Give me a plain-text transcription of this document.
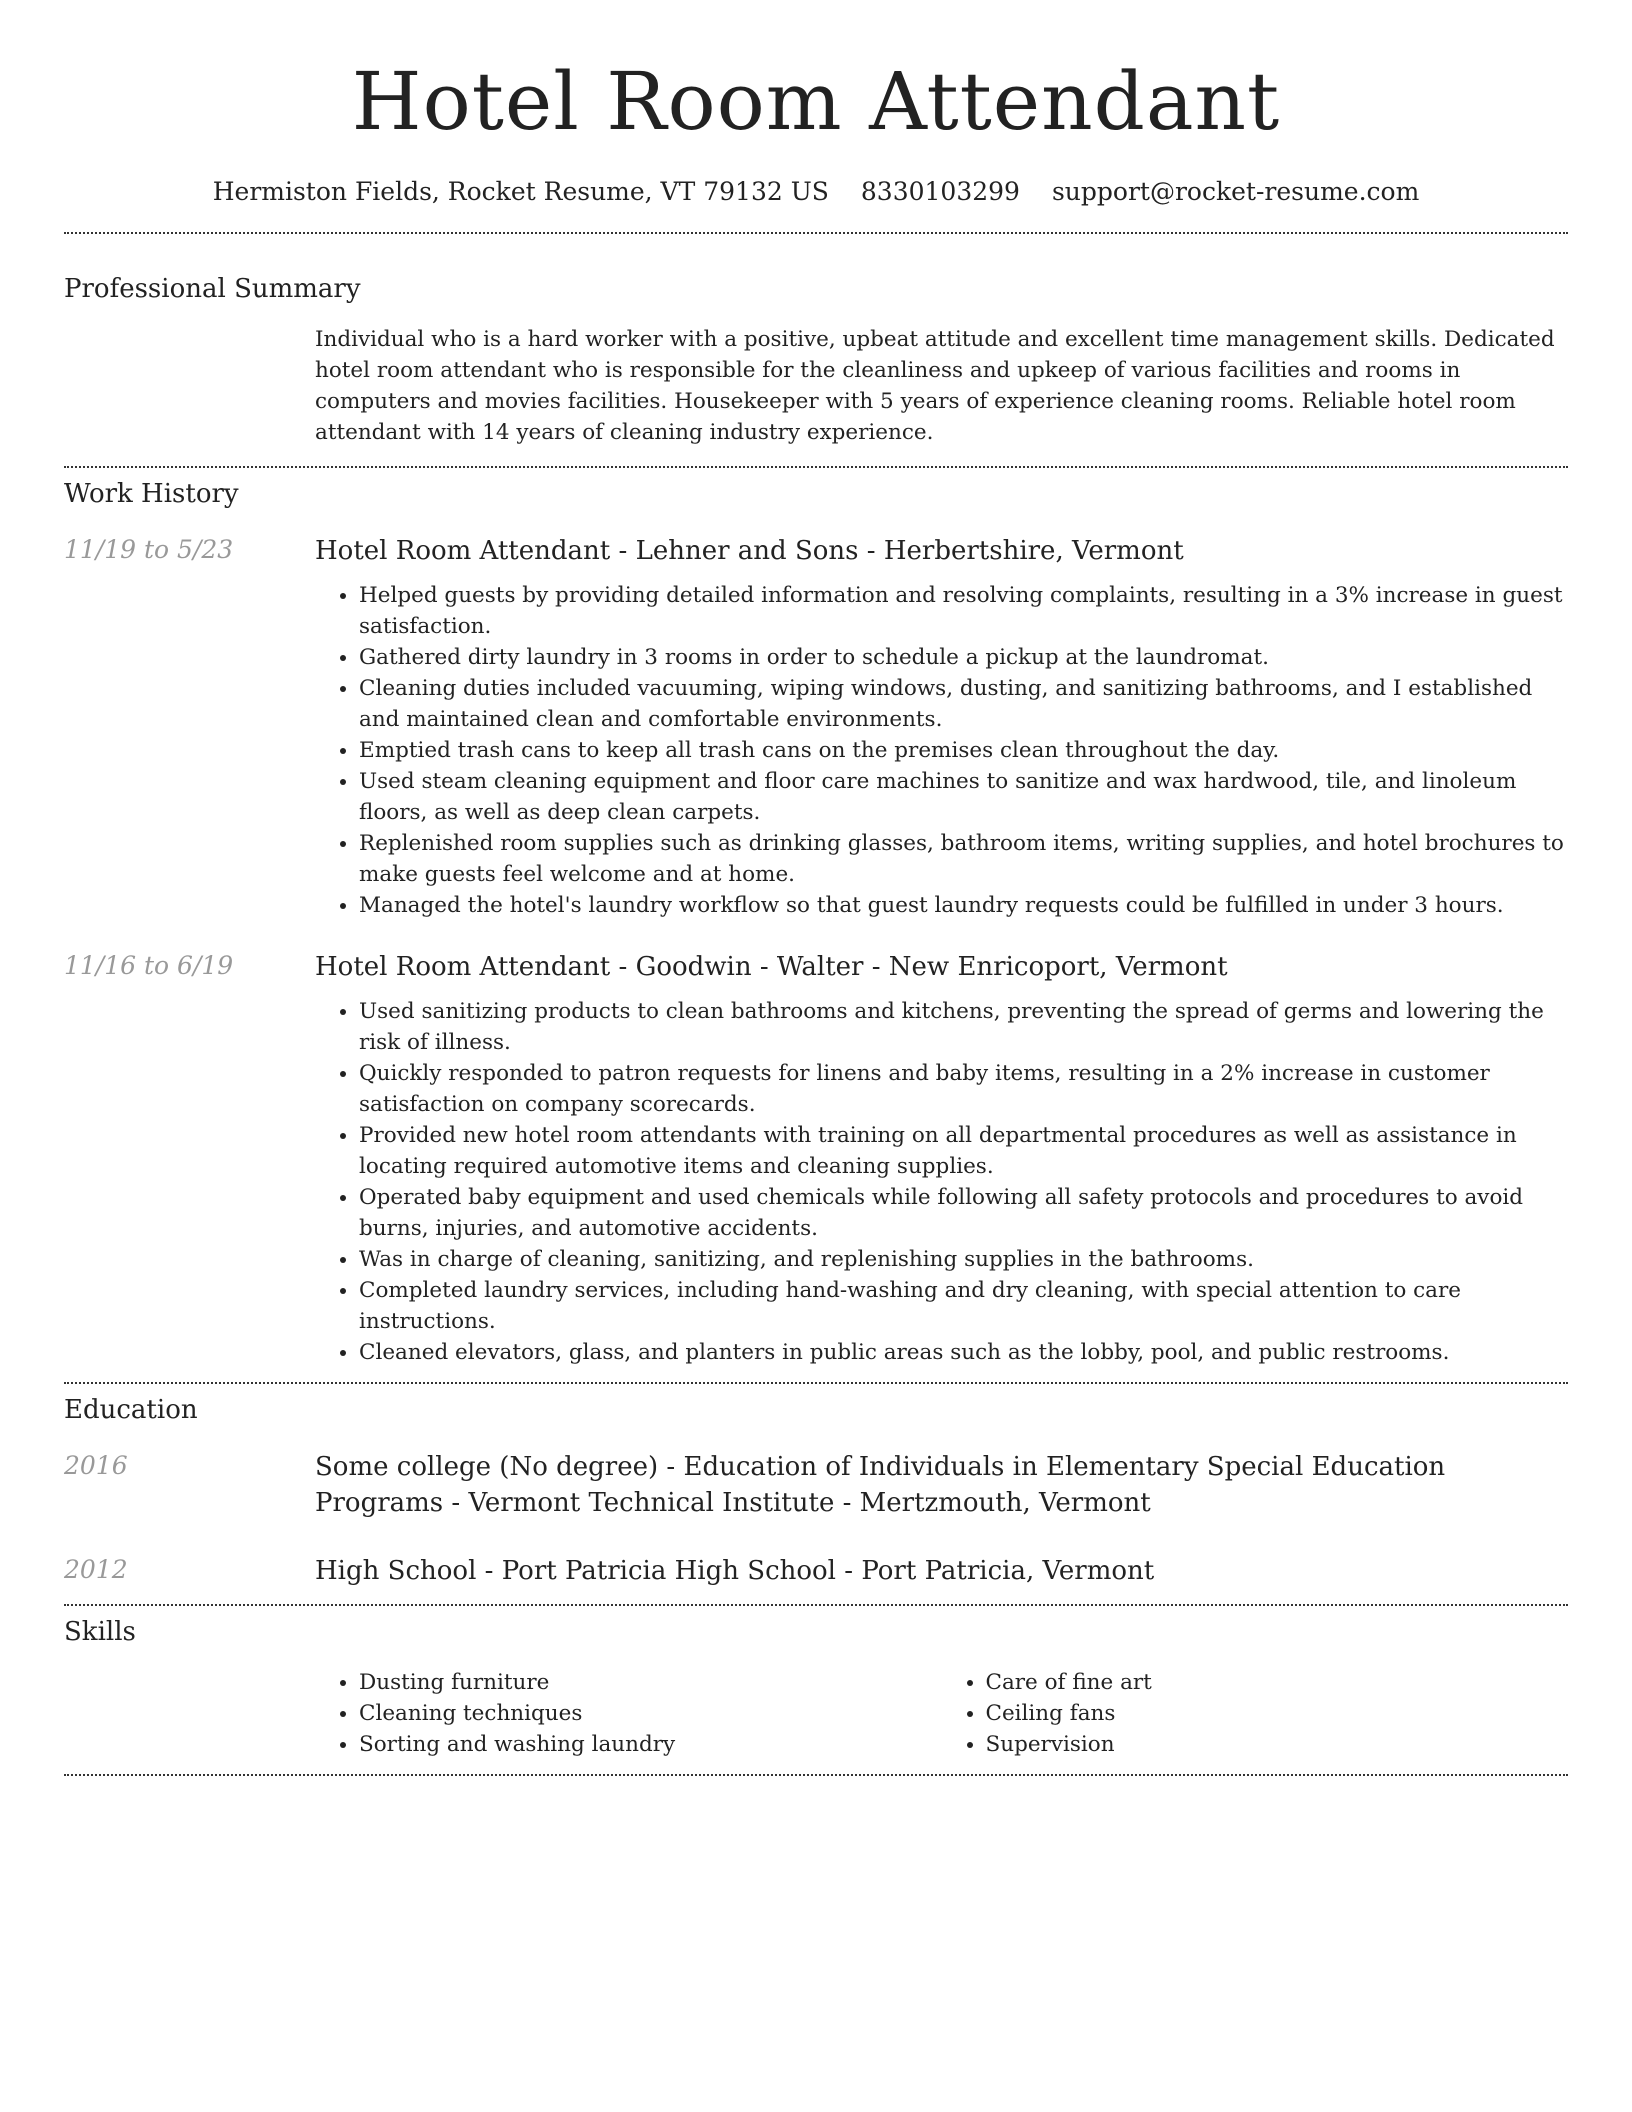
Hotel Room Attendant
Hermiston Fields, Rocket Resume, VT 79132 US 8330103299 support@rocket-resume.com
Professional Summary
Individual who is a hard worker with a positive, upbeat attitude and excellent time management skills. Dedicated hotel room attendant who is responsible for the cleanliness and upkeep of various facilities and rooms in computers and movies facilities. Housekeeper with 5 years of experience cleaning rooms. Reliable hotel room attendant with 14 years of cleaning industry experience.
Work History
11/19 to 5/23	Hotel Room Attendant - Lehner and Sons - Herbertshire, Vermont
• Helped guests by providing detailed information and resolving complaints, resulting in a 3% increase in guest satisfaction.
• Gathered dirty laundry in 3 rooms in order to schedule a pickup at the laundromat.
• Cleaning duties included vacuuming, wiping windows, dusting, and sanitizing bathrooms, and I established and maintained clean and comfortable environments.
• Emptied trash cans to keep all trash cans on the premises clean throughout the day.
• Used steam cleaning equipment and floor care machines to sanitize and wax hardwood, tile, and linoleum floors, as well as deep clean carpets.
• Replenished room supplies such as drinking glasses, bathroom items, writing supplies, and hotel brochures to make guests feel welcome and at home.
• Managed the hotel's laundry workflow so that guest laundry requests could be fulfilled in under 3 hours.
11/16 to 6/19	Hotel Room Attendant - Goodwin - Walter - New Enricoport, Vermont
• Used sanitizing products to clean bathrooms and kitchens, preventing the spread of germs and lowering the risk of illness.
• Quickly responded to patron requests for linens and baby items, resulting in a 2% increase in customer satisfaction on company scorecards.
• Provided new hotel room attendants with training on all departmental procedures as well as assistance in locating required automotive items and cleaning supplies.
• Operated baby equipment and used chemicals while following all safety protocols and procedures to avoid burns, injuries, and automotive accidents.
• Was in charge of cleaning, sanitizing, and replenishing supplies in the bathrooms.
• Completed laundry services, including hand-washing and dry cleaning, with special attention to care instructions.
• Cleaned elevators, glass, and planters in public areas such as the lobby, pool, and public restrooms.
Education
2016	Some college (No degree) - Education of Individuals in Elementary Special Education Programs - Vermont Technical Institute - Mertzmouth, Vermont
2012	High School - Port Patricia High School - Port Patricia, Vermont
Skills
• Dusting furniture
• Cleaning techniques
• Sorting and washing laundry
• Care of fine art
• Ceiling fans
• Supervision
